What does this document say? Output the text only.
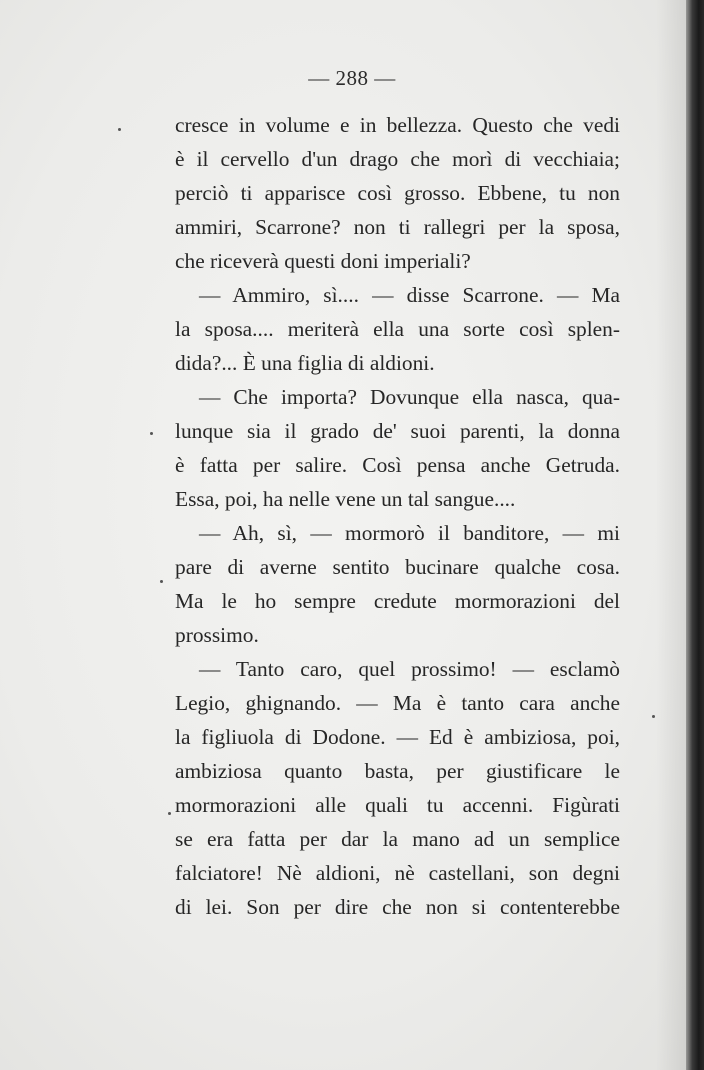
— 288 —
cresce in volume e in bellezza. Questo che vedi
è il cervello d'un drago che morì di vecchiaia;
perciò ti apparisce così grosso. Ebbene, tu non
ammiri, Scarrone? non ti rallegri per la sposa,
che riceverà questi doni imperiali?
— Ammiro, sì.... — disse Scarrone. — Ma
la sposa.... meriterà ella una sorte così splen-
dida?... È una figlia di aldioni.
— Che importa? Dovunque ella nasca, qua-
lunque sia il grado de' suoi parenti, la donna
è fatta per salire. Così pensa anche Getruda.
Essa, poi, ha nelle vene un tal sangue....
— Ah, sì, — mormorò il banditore, — mi
pare di averne sentito bucinare qualche cosa.
Ma le ho sempre credute mormorazioni del
prossimo.
— Tanto caro, quel prossimo! — esclamò
Legio, ghignando. — Ma è tanto cara anche
la figliuola di Dodone. — Ed è ambiziosa, poi,
ambiziosa quanto basta, per giustificare le
mormorazioni alle quali tu accenni. Figùrati
se era fatta per dar la mano ad un semplice
falciatore! Nè aldioni, nè castellani, son degni
di lei. Son per dire che non si contenterebbe
